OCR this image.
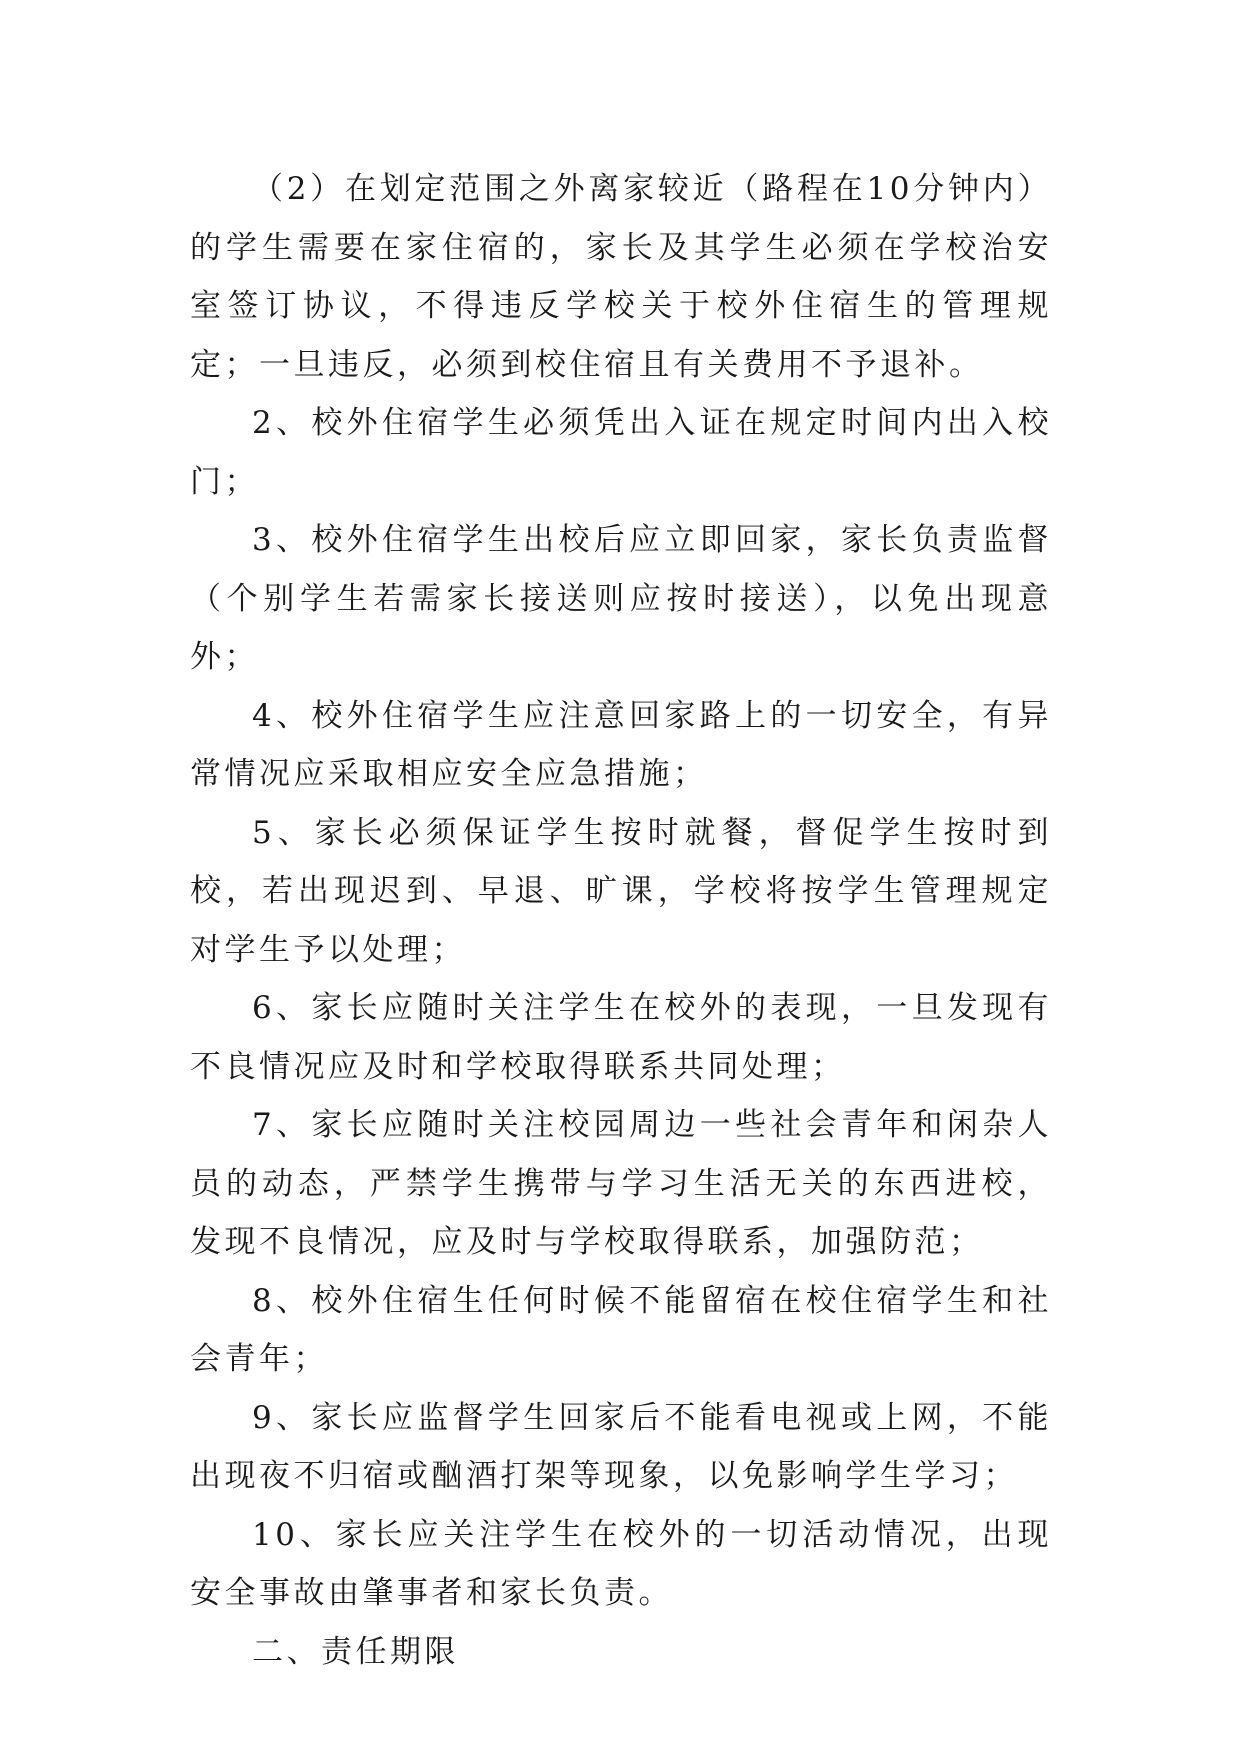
（2）在划定范围之外离家较近（路程在10分钟内）的学生需要在家住宿的，家长及其学生必须在学校治安室签订协议，不得违反学校关于校外住宿生的管理规定；一旦违反，必须到校住宿且有关费用不予退补。

2、校外住宿学生必须凭出入证在规定时间内出入校门；

3、校外住宿学生出校后应立即回家，家长负责监督（个别学生若需家长接送则应按时接送），以免出现意外；

4、校外住宿学生应注意回家路上的一切安全，有异常情况应采取相应安全应急措施；

5、家长必须保证学生按时就餐，督促学生按时到校，若出现迟到、早退、旷课，学校将按学生管理规定对学生予以处理；

6、家长应随时关注学生在校外的表现，一旦发现有不良情况应及时和学校取得联系共同处理；

7、家长应随时关注校园周边一些社会青年和闲杂人员的动态，严禁学生携带与学习生活无关的东西进校，发现不良情况，应及时与学校取得联系，加强防范；

8、校外住宿生任何时候不能留宿在校住宿学生和社会青年；

9、家长应监督学生回家后不能看电视或上网，不能出现夜不归宿或酗酒打架等现象，以免影响学生学习；

10、家长应关注学生在校外的一切活动情况，出现安全事故由肇事者和家长负责。

二、责任期限
